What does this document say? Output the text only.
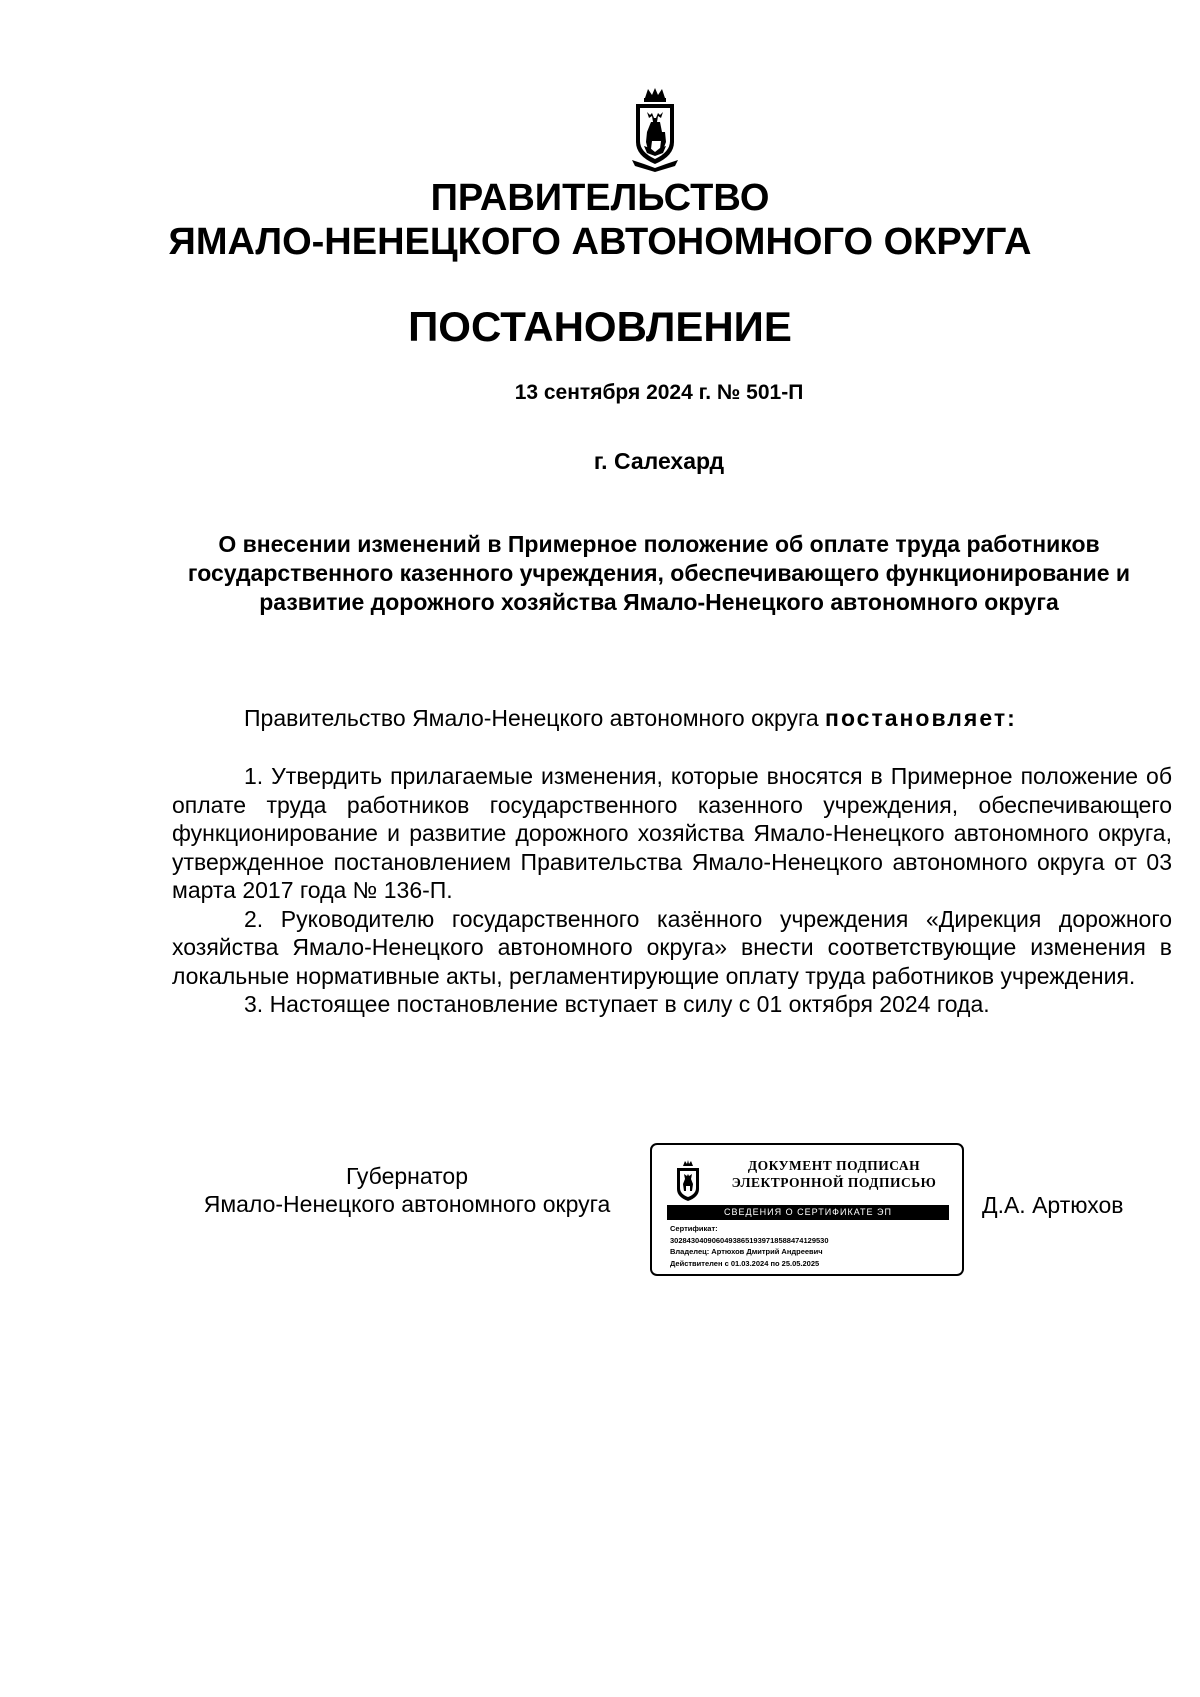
ПРАВИТЕЛЬСТВО
ЯМАЛО-НЕНЕЦКОГО АВТОНОМНОГО ОКРУГА
ПОСТАНОВЛЕНИЕ
13 сентября 2024 г. № 501-П
г. Салехард
О внесении изменений в Примерное положение об оплате труда работников государственного казенного учреждения, обеспечивающего функционирование и развитие дорожного хозяйства Ямало-Ненецкого автономного округа
Правительство Ямало-Ненецкого автономного округа постановляет:

1. Утвердить прилагаемые изменения, которые вносятся в Примерное положение об оплате труда работников государственного казенного учреждения, обеспечивающего функционирование и развитие дорожного хозяйства Ямало-Ненецкого автономного округа, утвержденное постановлением Правительства Ямало-Ненецкого автономного округа от 03 марта 2017 года № 136-П.

2. Руководителю государственного казённого учреждения «Дирекция дорожного хозяйства Ямало-Ненецкого автономного округа» внести соответствующие изменения в локальные нормативные акты, регламентирующие оплату труда работников учреждения.

3. Настоящее постановление вступает в силу с 01 октября 2024 года.

Губернатор
Ямало-Ненецкого автономного округа
ДОКУМЕНТ ПОДПИСАН
ЭЛЕКТРОННОЙ ПОДПИСЬЮ
СВЕДЕНИЯ О СЕРТИФИКАТЕ ЭП
Сертификат:
30284304090604938651939718588474129530
Владелец: Артюхов Дмитрий Андреевич
Действителен с 01.03.2024 по 25.05.2025
Д.А. Артюхов
